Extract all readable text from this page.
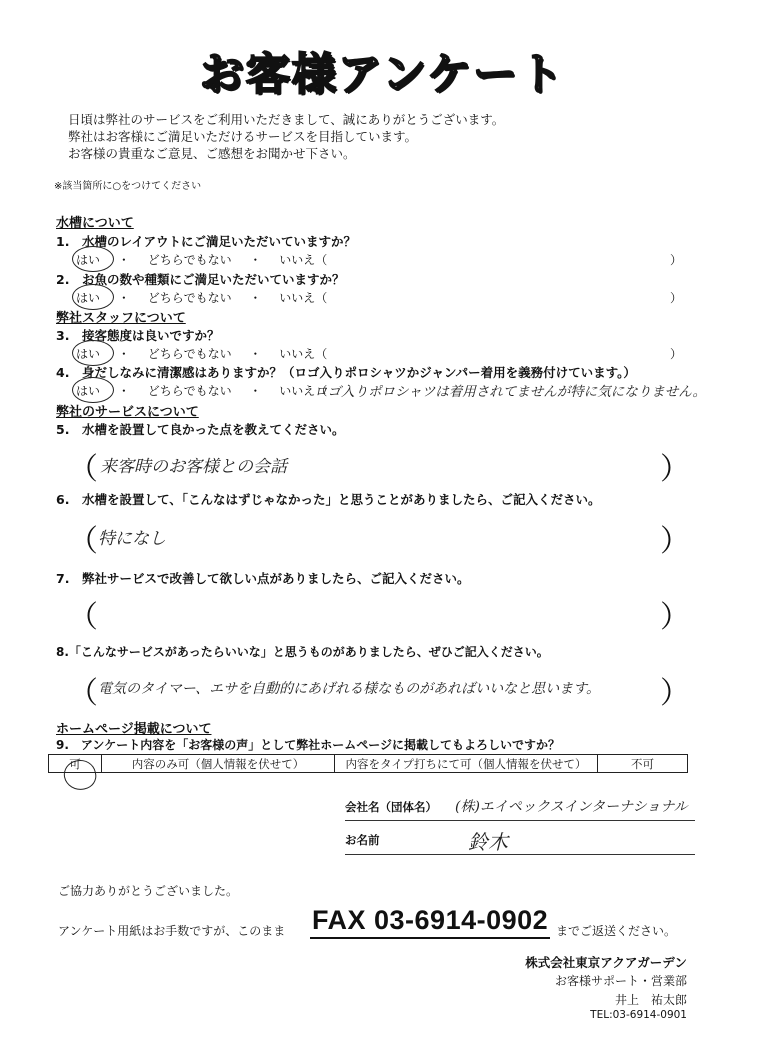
お客様アンケート
日頃は弊社のサービスをご利用いただきまして、誠にありがとうございます。
弊社はお客様にご満足いただけるサービスを目指しています。
お客様の貴重なご意見、ご感想をお聞かせ下さい。
※該当箇所に○をつけてください
水槽について
1.　水槽のレイアウトにご満足いただいていますか？
はい ・ どちらでもない ・ いいえ（	）
2.　お魚の数や種類にご満足いただいていますか？
はい ・ どちらでもない ・ いいえ（	）
弊社スタッフについて
3.　接客態度は良いですか？
はい ・ どちらでもない ・ いいえ（	）
4.　身だしなみに清潔感はありますか？（ロゴ入りポロシャツかジャンパー着用を義務付けています。）
はい ・ どちらでもない ・ いいえ（
ロゴ入りポロシャツは着用されてませんが特に気になりません。
弊社のサービスについて
5.　水槽を設置して良かった点を教えてください。
（ 来客時のお客様との会話	）
6.　水槽を設置して、「こんなはずじゃなかった」と思うことがありましたら、ご記入ください。
（ 特になし	）
7.　弊社サービスで改善して欲しい点がありましたら、ご記入ください。
（	）
8.「こんなサービスがあったらいいな」と思うものがありましたら、ぜひご記入ください。
（ 電気のタイマー、エサを自動的にあげれる様なものがあればいいなと思います。 ）
ホームページ掲載について
9.　アンケート内容を「お客様の声」として弊社ホームページに掲載してもよろしいですか？
可	内容のみ可（個人情報を伏せて）	内容をタイプ打ちにて可（個人情報を伏せて）	不可
会社名（団体名） (株)エイペックスインターナショナル
お名前	鈴木
ご協力ありがとうございました。
アンケート用紙はお手数ですが、このまま FAX 03-6914-0902 までご返送ください。
株式会社東京アクアガーデン
お客様サポート・営業部
井上　祐太郎
TEL:03-6914-0901
